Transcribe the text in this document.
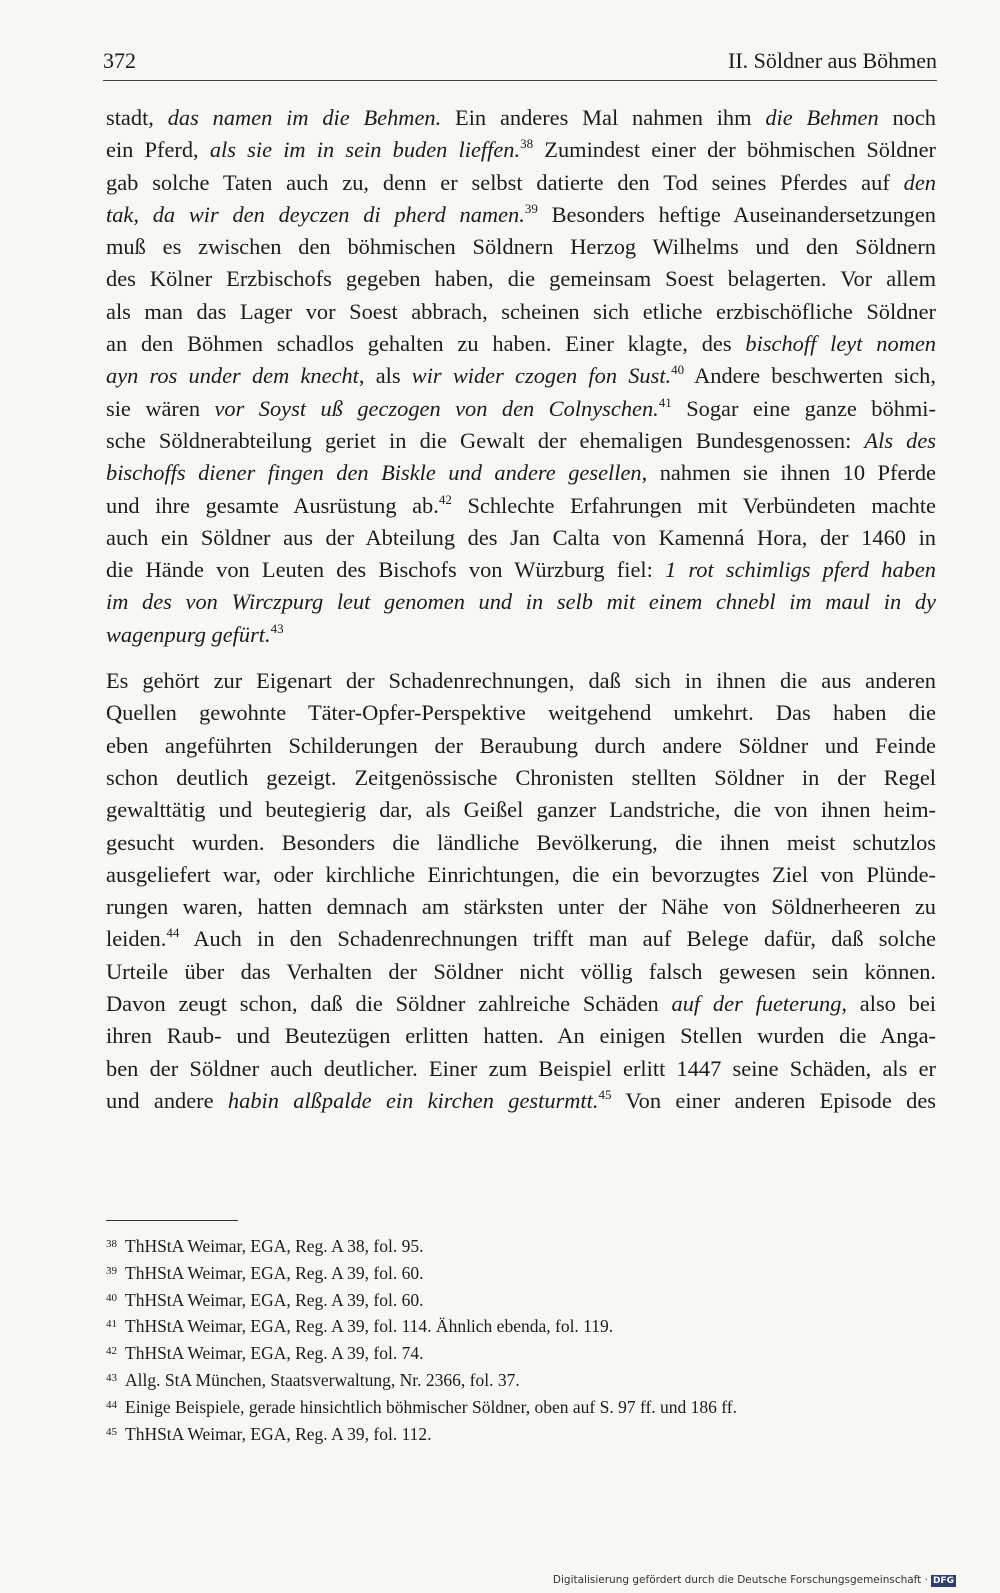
372	II. Söldner aus Böhmen
stadt, das namen im die Behmen. Ein anderes Mal nahmen ihm die Behmen noch
ein Pferd, als sie im in sein buden lieffen.$^{38}$ Zumindest einer der böhmischen Söldner
gab solche Taten auch zu, denn er selbst datierte den Tod seines Pferdes auf den
tak, da wir den deyczen di pherd namen.$^{39}$ Besonders heftige Auseinandersetzungen
muß es zwischen den böhmischen Söldnern Herzog Wilhelms und den Söldnern
des Kölner Erzbischofs gegeben haben, die gemeinsam Soest belagerten. Vor allem
als man das Lager vor Soest abbrach, scheinen sich etliche erzbischöfliche Söldner
an den Böhmen schadlos gehalten zu haben. Einer klagte, des bischoff leyt nomen
ayn ros under dem knecht, als wir wider czogen fon Sust.$^{40}$ Andere beschwerten sich,
sie wären vor Soyst uß geczogen von den Colnyschen.$^{41}$ Sogar eine ganze böhmi-
sche Söldnerabteilung geriet in die Gewalt der ehemaligen Bundesgenossen: Als des
bischoffs diener fingen den Biskle und andere gesellen, nahmen sie ihnen 10 Pferde
und ihre gesamte Ausrüstung ab.$^{42}$ Schlechte Erfahrungen mit Verbündeten machte
auch ein Söldner aus der Abteilung des Jan Calta von Kamenná Hora, der 1460 in
die Hände von Leuten des Bischofs von Würzburg fiel: 1 rot schimligs pferd haben
im des von Wirczpurg leut genomen und in selb mit einem chnebl im maul in dy
wagenpurg gefürt.$^{43}$
Es gehört zur Eigenart der Schadenrechnungen, daß sich in ihnen die aus anderen
Quellen gewohnte Täter-Opfer-Perspektive weitgehend umkehrt. Das haben die
eben angeführten Schilderungen der Beraubung durch andere Söldner und Feinde
schon deutlich gezeigt. Zeitgenössische Chronisten stellten Söldner in der Regel
gewalttätig und beutegierig dar, als Geißel ganzer Landstriche, die von ihnen heim-
gesucht wurden. Besonders die ländliche Bevölkerung, die ihnen meist schutzlos
ausgeliefert war, oder kirchliche Einrichtungen, die ein bevorzugtes Ziel von Plünde-
rungen waren, hatten demnach am stärksten unter der Nähe von Söldnerheeren zu
leiden.$^{44}$ Auch in den Schadenrechnungen trifft man auf Belege dafür, daß solche
Urteile über das Verhalten der Söldner nicht völlig falsch gewesen sein können.
Davon zeugt schon, daß die Söldner zahlreiche Schäden auf der fueterung, also bei
ihren Raub- und Beutezügen erlitten hatten. An einigen Stellen wurden die Anga-
ben der Söldner auch deutlicher. Einer zum Beispiel erlitt 1447 seine Schäden, als er
und andere habin alßpalde ein kirchen gesturmtt.$^{45}$ Von einer anderen Episode des
$^{38}$ ThHStA Weimar, EGA, Reg. A 38, fol. 95.
$^{39}$ ThHStA Weimar, EGA, Reg. A 39, fol. 60.
$^{40}$ ThHStA Weimar, EGA, Reg. A 39, fol. 60.
$^{41}$ ThHStA Weimar, EGA, Reg. A 39, fol. 114. Ähnlich ebenda, fol. 119.
$^{42}$ ThHStA Weimar, EGA, Reg. A 39, fol. 74.
$^{43}$ Allg. StA München, Staatsverwaltung, Nr. 2366, fol. 37.
$^{44}$ Einige Beispiele, gerade hinsichtlich böhmischer Söldner, oben auf S. 97 ff. und 186 ff.
$^{45}$ ThHStA Weimar, EGA, Reg. A 39, fol. 112.
Digitalisierung gefördert durch die Deutsche Forschungsgemeinschaft · DFG
